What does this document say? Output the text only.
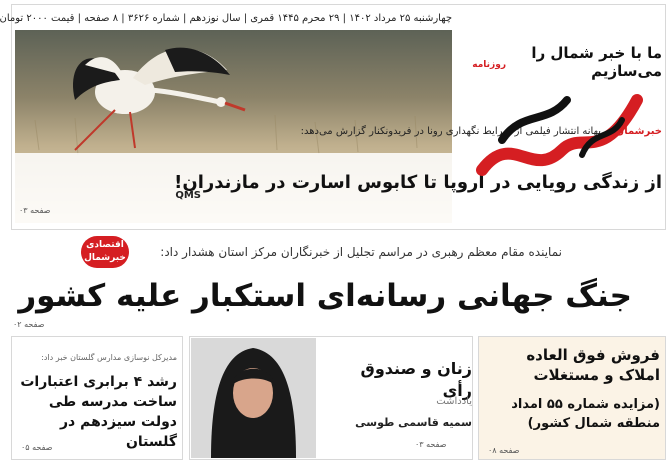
چهارشنبه ۲۵ مرداد ۱۴۰۲ | ۲۹ محرم ۱۴۴۵ قمری | سال نوزدهم | شماره ۳۶۲۶ | ۸ صفحه | قیمت ۲۰۰۰ تومان
خبرشمال به بهانه انتشار فیلمی از شرایط نگهداری رونا در فریدونکنار گزارش می‌دهد:
از زندگی رویایی در اروپا تا کابوس اسارت در مازندران!
صفحه ۰۳
ما با خبر شمال را می‌سازیم
روزنامه
QMS
اقتصادی خبرشمال	نماینده مقام معظم رهبری در مراسم تجلیل از خبرنگاران مرکز استان هشدار داد:
جنگ جهانی رسانه‌ای استکبار علیه کشور
صفحه ۰۲
فروش فوق العاده املاک و مستغلات
(مزایده شماره ۵۵ امداد منطقه شمال کشور)
صفحه ۰۸
زنان و صندوق رأی
یادداشت
سمیه قاسمی طوسی
صفحه ۰۳
مدیرکل نوسازی مدارس گلستان خبر داد:
رشد ۴ برابری اعتبارات ساخت مدرسه طی دولت سیزدهم در گلستان
صفحه ۰۵
